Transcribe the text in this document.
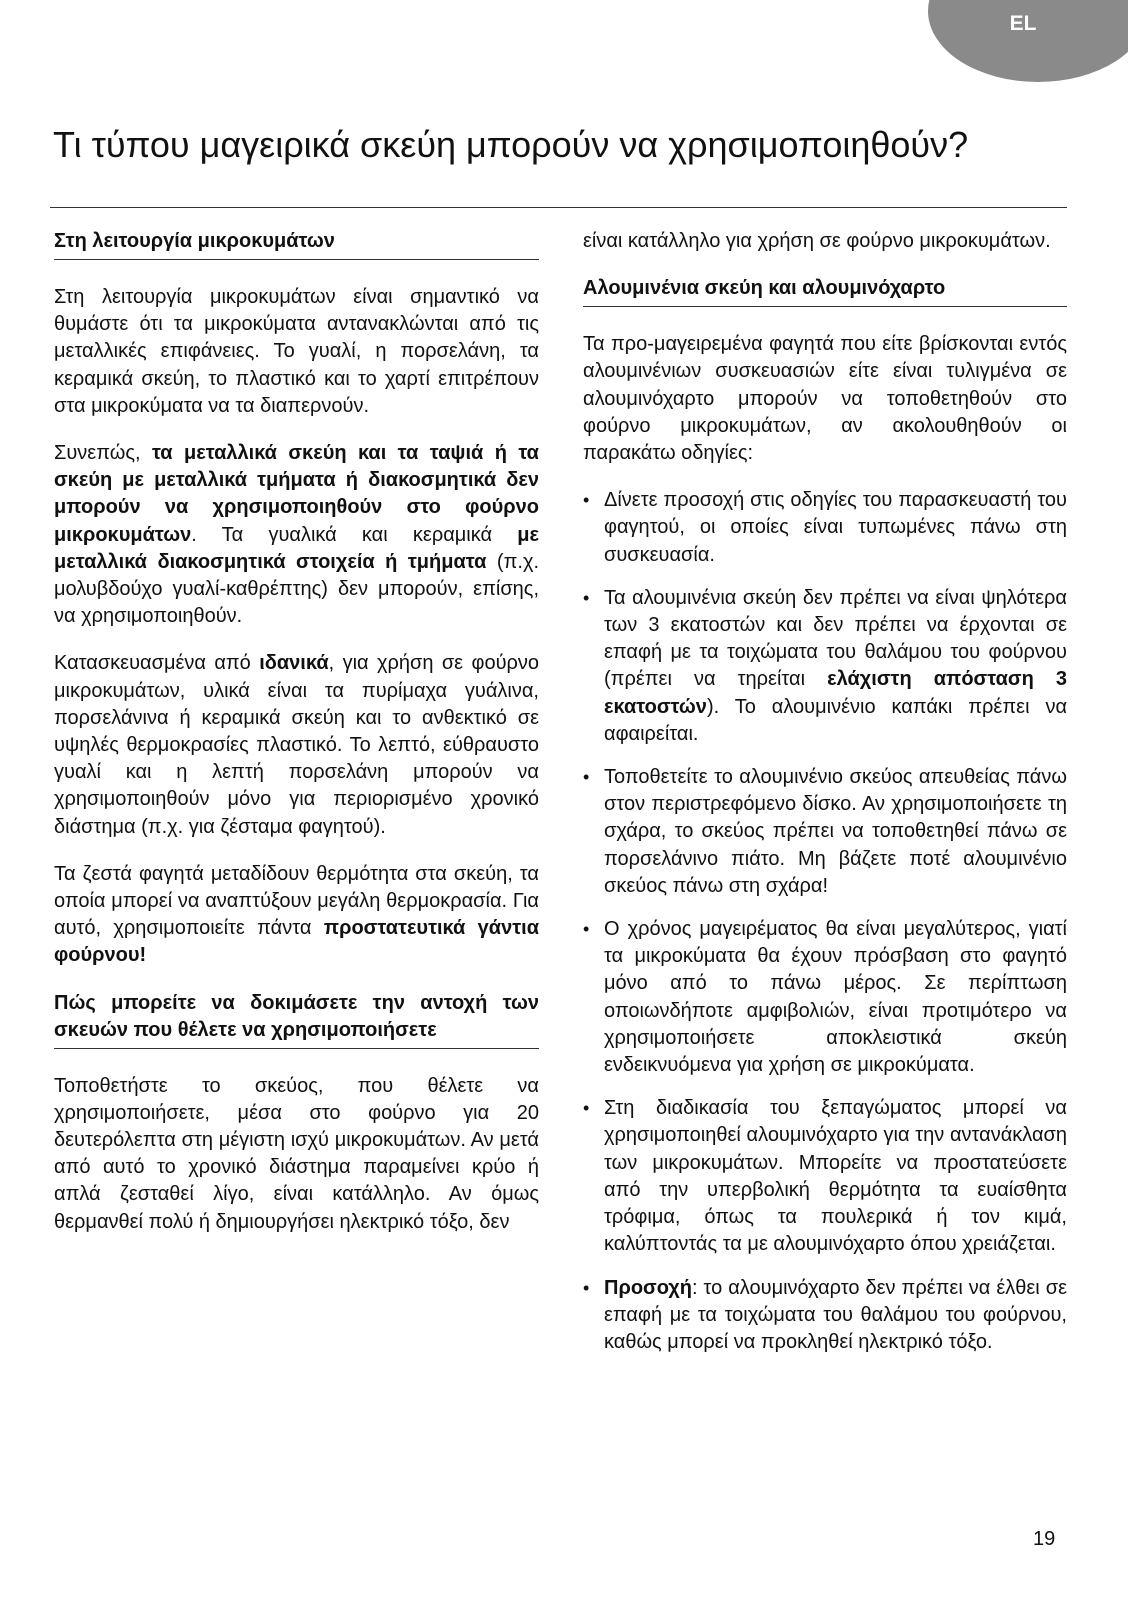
EL
Τι τύπου μαγειρικά σκεύη μπορούν να χρησιμοποιηθούν?
Στη λειτουργία μικροκυμάτων

Στη λειτουργία μικροκυμάτων είναι σημαντικό να θυμάστε ότι τα μικροκύματα αντανακλώνται από τις μεταλλικές επιφάνειες. Το γυαλί, η πορσελάνη, τα κεραμικά σκεύη, το πλαστικό και το χαρτί επιτρέπουν στα μικροκύματα να τα διαπερνούν.

Συνεπώς, τα μεταλλικά σκεύη και τα ταψιά ή τα σκεύη με μεταλλικά τμήματα ή διακοσμητικά δεν μπορούν να χρησιμοποιηθούν στο φούρνο μικροκυμάτων. Τα γυαλικά και κεραμικά με μεταλλικά διακοσμητικά στοιχεία ή τμήματα (π.χ. μολυβδούχο γυαλί-καθρέπτης) δεν μπορούν, επίσης, να χρησιμοποιηθούν.

Κατασκευασμένα από ιδανικά, για χρήση σε φούρνο μικροκυμάτων, υλικά είναι τα πυρίμαχα γυάλινα, πορσελάνινα ή κεραμικά σκεύη και το ανθεκτικό σε υψηλές θερμοκρασίες πλαστικό. Το λεπτό, εύθραυστο γυαλί και η λεπτή πορσελάνη μπορούν να χρησιμοποιηθούν μόνο για περιορισμένο χρονικό διάστημα (π.χ. για ζέσταμα φαγητού).

Τα ζεστά φαγητά μεταδίδουν θερμότητα στα σκεύη, τα οποία μπορεί να αναπτύξουν μεγάλη θερμοκρασία. Για αυτό, χρησιμοποιείτε πάντα προστατευτικά γάντια φούρνου!

Πώς μπορείτε να δοκιμάσετε την αντοχή των σκευών που θέλετε να χρησιμοποιήσετε

Τοποθετήστε το σκεύος, που θέλετε να χρησιμοποιήσετε, μέσα στο φούρνο για 20 δευτερόλεπτα στη μέγιστη ισχύ μικροκυμάτων. Αν μετά από αυτό το χρονικό διάστημα παραμείνει κρύο ή απλά ζεσταθεί λίγο, είναι κατάλληλο. Αν όμως θερμανθεί πολύ ή δημιουργήσει ηλεκτρικό τόξο, δεν

είναι κατάλληλο για χρήση σε φούρνο μικροκυμάτων.

Αλουμινένια σκεύη και αλουμινόχαρτο

Τα προ-μαγειρεμένα φαγητά που είτε βρίσκονται εντός αλουμινένιων συσκευασιών είτε είναι τυλιγμένα σε αλουμινόχαρτο μπορούν να τοποθετηθούν στο φούρνο μικροκυμάτων, αν ακολουθηθούν οι παρακάτω οδηγίες:

• Δίνετε προσοχή στις οδηγίες του παρασκευαστή του φαγητού, οι οποίες είναι τυπωμένες πάνω στη συσκευασία.
• Τα αλουμινένια σκεύη δεν πρέπει να είναι ψηλότερα των 3 εκατοστών και δεν πρέπει να έρχονται σε επαφή με τα τοιχώματα του θαλάμου του φούρνου (πρέπει να τηρείται ελάχιστη απόσταση 3 εκατοστών). Το αλουμινένιο καπάκι πρέπει να αφαιρείται.
• Τοποθετείτε το αλουμινένιο σκεύος απευθείας πάνω στον περιστρεφόμενο δίσκο. Αν χρησιμοποιήσετε τη σχάρα, το σκεύος πρέπει να τοποθετηθεί πάνω σε πορσελάνινο πιάτο. Μη βάζετε ποτέ αλουμινένιο σκεύος πάνω στη σχάρα!
• Ο χρόνος μαγειρέματος θα είναι μεγαλύτερος, γιατί τα μικροκύματα θα έχουν πρόσβαση στο φαγητό μόνο από το πάνω μέρος. Σε περίπτωση οποιωνδήποτε αμφιβολιών, είναι προτιμότερο να χρησιμοποιήσετε αποκλειστικά σκεύη ενδεικνυόμενα για χρήση σε μικροκύματα.
• Στη διαδικασία του ξεπαγώματος μπορεί να χρησιμοποιηθεί αλουμινόχαρτο για την αντανάκλαση των μικροκυμάτων. Μπορείτε να προστατεύσετε από την υπερβολική θερμότητα τα ευαίσθητα τρόφιμα, όπως τα πουλερικά ή τον κιμά, καλύπτοντάς τα με αλουμινόχαρτο όπου χρειάζεται.
• Προσοχή: το αλουμινόχαρτο δεν πρέπει να έλθει σε επαφή με τα τοιχώματα του θαλάμου του φούρνου, καθώς μπορεί να προκληθεί ηλεκτρικό τόξο.
19
